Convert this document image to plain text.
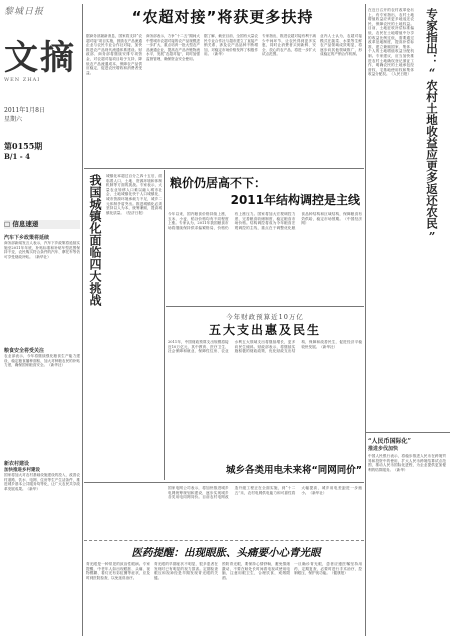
黎城日报
文摘
WEN ZHAI
2011年1月8日
星期六
第0155期
B/1 - 4
□ 信息速递
汽车下乡政策将延续
商务部新闻发言人表示，汽车下乡政策将延续实施至2011年年底，补贴标准和补贴车型范围保持不变，农民购买符合条件的汽车、摩托车等仍可享受财政补贴。（新华社）
粮食安全将受关注
农业部表示，今年将继续强化粮食生产能力建设，稳定粮食播种面积，加大对种粮农民的补贴力度，确保国家粮食安全。（新华社）
新农村建设
加快推进乡村建设
国家将加大对农村基础设施建设的投入，改善农村道路、饮水、电网、住房等生产生活条件，推进城乡基本公共服务均等化，让广大农民共享改革发展成果。（新华）
“农超对接”将获更多扶持
据商务部最新消息，国家将支持“农超对接”项目实施，鼓励农产品流通企业与农民专业合作社对接，加快推进农产品现代流通体系建设。财政部、商务部将继续安排专项资金，对农超对接项目给予支持，降低农产品流通成本，保障农产品供应稳定，促进农民增收和消费者受益。
商务部表示，力争“十二五”期间大中型城市农超对接的农产品规模进一步扩大，重点培育一批大型农产品流通企业，提高农产品冷链物流水平，发展“农超对接”，同时加强监督管理，确保资金安全使用。
据了解，截至目前，全国有大量农民专业合作社与超市建立了直接产销关系，涉及农产品品种不断增加，对稳定市场价格发挥了积极作用。（新华）
专家指出，推进农超对接有利于减少中间环节，让农民得到更多实惠，同时让消费者买到新鲜、安全、放心的农产品，将进一步扩大试点范围。
业内人士认为，农超对接模式在蔬菜、水果等生鲜农产品领域成效明显，将逐步向其他领域推广，形成稳定的产销合作机制。
在近日召开的农村改革论坛上，有专家指出，农村土地增值收益应该更多地返还农民，保障农民的土地权益。目前，土地征收补偿标准偏低，农民在土地增值中分享的收益比例过低，需要通过改革征地制度，提高补偿标准，建立兼顾国家、集体、个人的土地增值收益分配机制。专家建议，应当加快推进农村土地确权登记颁证工作，明确农民的土地承包经营权、宅基地使用权和集体收益分配权。（人民日报）	专家指出：“农村土地收益应更多返还农民”
“人民币国际化”
推进步伐加快
中国人民银行表示，将稳步推进人民币在跨境贸易和投资中的使用，扩大人民币跨境结算试点范围，推动人民币国际化进程，为企业提供更加便利的结算服务。（新华）
我国城镇化面临四大挑战	城镇化率超过百分之四十五后，面临着人口、土地、资源环境和体制机制等方面的挑战。专家表示，大量农业转移人口难以融入城市社会，土地城镇化快于人口城镇化，城市资源环境承载力不足，城乡二元体制矛盾突出。推进城镇化必须坚持以人为本，统筹兼顾，提高城镇化质量。（经济日报）
粮价仍居高不下：
2011年结构调控是主线
今年以来，国内粮食价格持续上涨，玉米、小麦、稻谷价格均有不同程度上涨。专家认为，2011年我国粮食市场将继续保持供求偏紧格局，价格仍有上涨压力。国家将加大宏观调控力度，完善粮食收储制度，稳定粮食市场价格。结构调控将成为今年粮食宏观调控的主线，重点在于调整优化粮食品种结构和区域结构，保障粮食有效供给，稳定市场预期。（中国经济网）
今年财政预算近10万亿
五大支出惠及民生
2011年，中国财政预算支出规模将接近10万亿元，其中教育、医疗卫生、社会保障和就业、保障性住房、农业水利五大领域支出将继续增长，更多向民生倾斜。财政部表示，将继续实施积极的财政政策，优化财政支出结构，保障和改善民生，促进经济平稳较快发展。（新华社）
城乡各类用电未来将“同网同价”
国家电网公司表示，将加快推进城乡电网统筹规划和建设，逐步实现城乡各类用电同网同价。目前农村电网改造升级工程正在全面实施，到“十二五”末，农村电网供电能力和可靠性将大幅提高，城乡用电差距进一步缩小。（新华社）
医药提醒：出现眼胀、头痛要小心青光眼
青光眼是一种常见的致盲性眼病。专家提醒，中老年人如出现眼胀、头痛、视物模糊、看灯光有彩虹圈等症状，应及时到医院检查，以免延误治疗。
青光眼的早期症状不明显，很多患者在发现时已有明显的视力损害。定期检查眼压和视神经是早期发现青光眼的关键。
预防青光眼，要保持心情舒畅，避免情绪激动，不要在暗处长时间看电视或使用电脑，注意用眼卫生，合理饮食，戒烟限酒。
一旦确诊青光眼，患者应遵医嘱坚持用药，定期复查，必要时进行手术治疗，控制眼压，保护视功能。（健康报）
